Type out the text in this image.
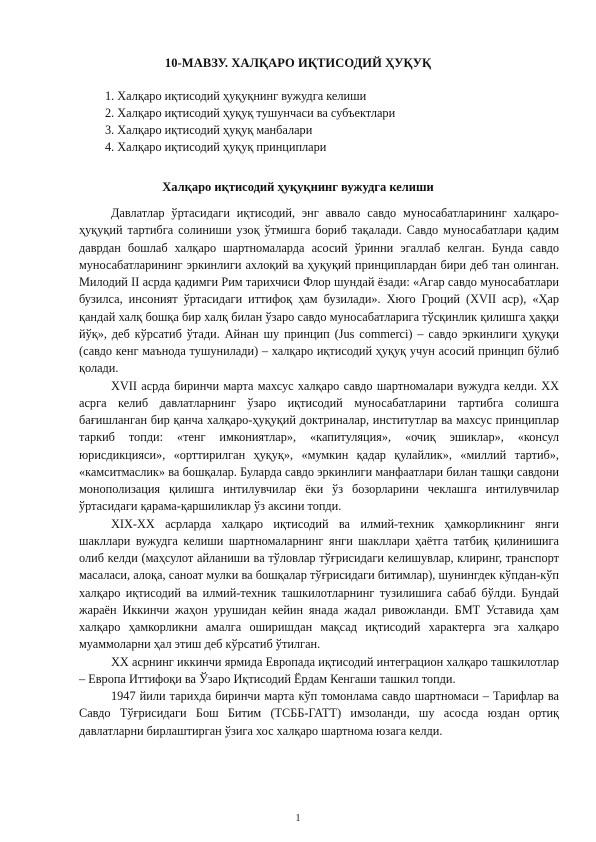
10-МАВЗУ. ХАЛҚАРО ИҚТИСОДИЙ ҲУҚУҚ
1. Халқаро иқтисодий ҳуқуқнинг вужудга келиши
2. Халқаро иқтисодий ҳуқуқ тушунчаси ва субъектлари
3. Халқаро иқтисодий ҳуқуқ манбалари
4. Халқаро иқтисодий ҳуқуқ принциплари
Халқаро иқтисодий ҳуқуқнинг вужудга келиши

Давлатлар ўртасидаги иқтисодий, энг аввало савдо муносабатларининг халқаро-ҳуқуқий тартибга солиниши узоқ ўтмишга бориб тақалади. Савдо муносабатлари қадим даврдан бошлаб халқаро шартномаларда асосий ўринни эгаллаб келган. Бунда савдо муносабатларининг эркинлиги ахлоқий ва ҳуқуқий принциплардан бири деб тан олинган. Милодий II асрда қадимги Рим тарихчиси Флор шундай ёзади: «Агар савдо муносабатлари бузилса, инсоният ўртасидаги иттифоқ ҳам бузилади». Хюго Гроций (XVII аср), «Ҳар қандай халқ бошқа бир халқ билан ўзаро савдо муносабатларига тўсқинлик қилишга ҳаққи йўқ», деб кўрсатиб ўтади. Айнан шу принцип (Jus commerci) – савдо эркинлиги ҳуқуқи (савдо кенг маънода тушунилади) – халқаро иқтисодий ҳуқуқ учун асосий принцип бўлиб қолади.

XVII асрда биринчи марта махсус халқаро савдо шартномалари вужудга келди. XX асрга келиб давлатларнинг ўзаро иқтисодий муносабатларини тартибга солишга бағишланган бир қанча халқаро-ҳуқуқий доктриналар, институтлар ва махсус принциплар таркиб топди: «тенг имкониятлар», «капитуляция», «очиқ эшиклар», «консул юрисдикцияси», «орттирилган ҳуқуқ», «мумкин қадар қулайлик», «миллий тартиб», «камситмаслик» ва бошқалар. Буларда савдо эркинлиги манфаатлари билан ташқи савдони монополизация қилишга интилувчилар ёки ўз бозорларини чеклашга интилувчилар ўртасидаги қарама-қаршиликлар ўз аксини топди.

XIX-XX асрларда халқаро иқтисодий ва илмий-техник ҳамкорликнинг янги шакллари вужудга келиши шартномаларнинг янги шакллари ҳаётга татбиқ қилинишига олиб келди (маҳсулот айланиши ва тўловлар тўғрисидаги келишувлар, клиринг, транспорт масалаcи, алоқа, саноат мулки ва бошқалар тўғрисидаги битимлар), шунингдек кўпдан-кўп халқаро иқтисодий ва илмий-техник ташкилотларнинг тузилишига сабаб бўлди. Бундай жараён Иккинчи жаҳон урушидан кейин янада жадал ривожланди. БМТ Уставида ҳам халқаро ҳамкорликни амалга оширишдан мақсад иқтисодий характерга эга халқаро муаммоларни ҳал этиш деб кўрсатиб ўтилган.

XX асрнинг иккинчи ярмида Европада иқтисодий интеграцион халқаро ташкилотлар – Европа Иттифоқи ва Ўзаро Иқтисодий Ёрдам Кенгаши ташкил топди.

1947 йили тарихда биринчи марта кўп томонлама савдо шартномаси – Тарифлар ва Савдо Тўғрисидаги Бош Битим (ТСББ-ГАТТ) имзоланди, шу асосда юздан ортиқ давлатларни бирлаштирган ўзига хос халқаро шартнома юзага келди.

1
